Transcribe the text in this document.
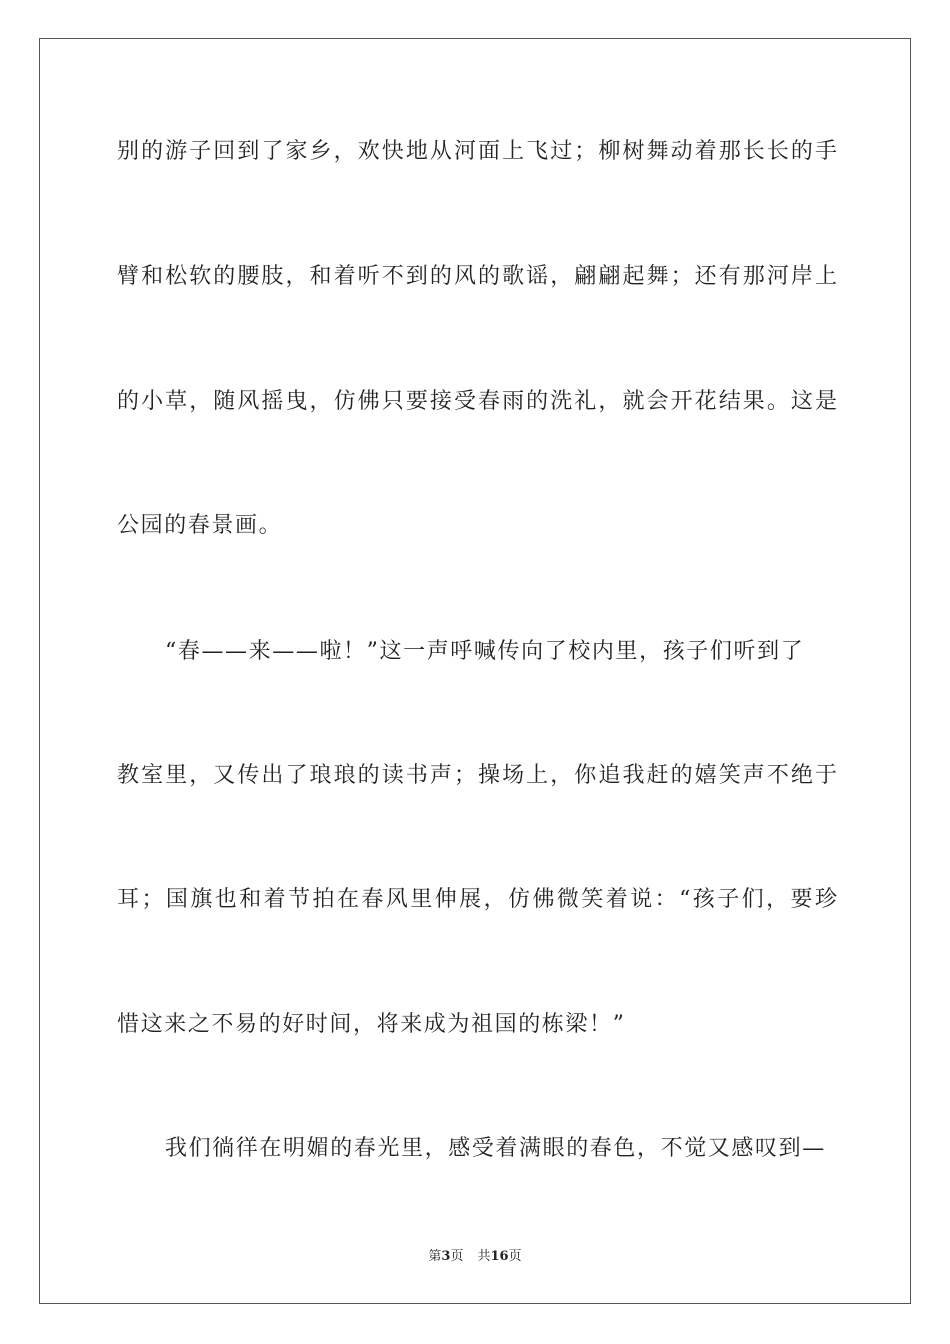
别的游子回到了家乡，欢快地从河面上飞过；柳树舞动着那长长的手
臂和松软的腰肢，和着听不到的风的歌谣，翩翩起舞；还有那河岸上
的小草，随风摇曳，仿佛只要接受春雨的洗礼，就会开花结果。这是
公园的春景画。
“春——来——啦！”这一声呼喊传向了校内里，孩子们听到了
教室里，又传出了琅琅的读书声；操场上，你追我赶的嬉笑声不绝于
耳；国旗也和着节拍在春风里伸展，仿佛微笑着说：“孩子们，要珍
惜这来之不易的好时间，将来成为祖国的栋梁！”
我们徜徉在明媚的春光里，感受着满眼的春色，不觉又感叹到—
第3页 共16页
